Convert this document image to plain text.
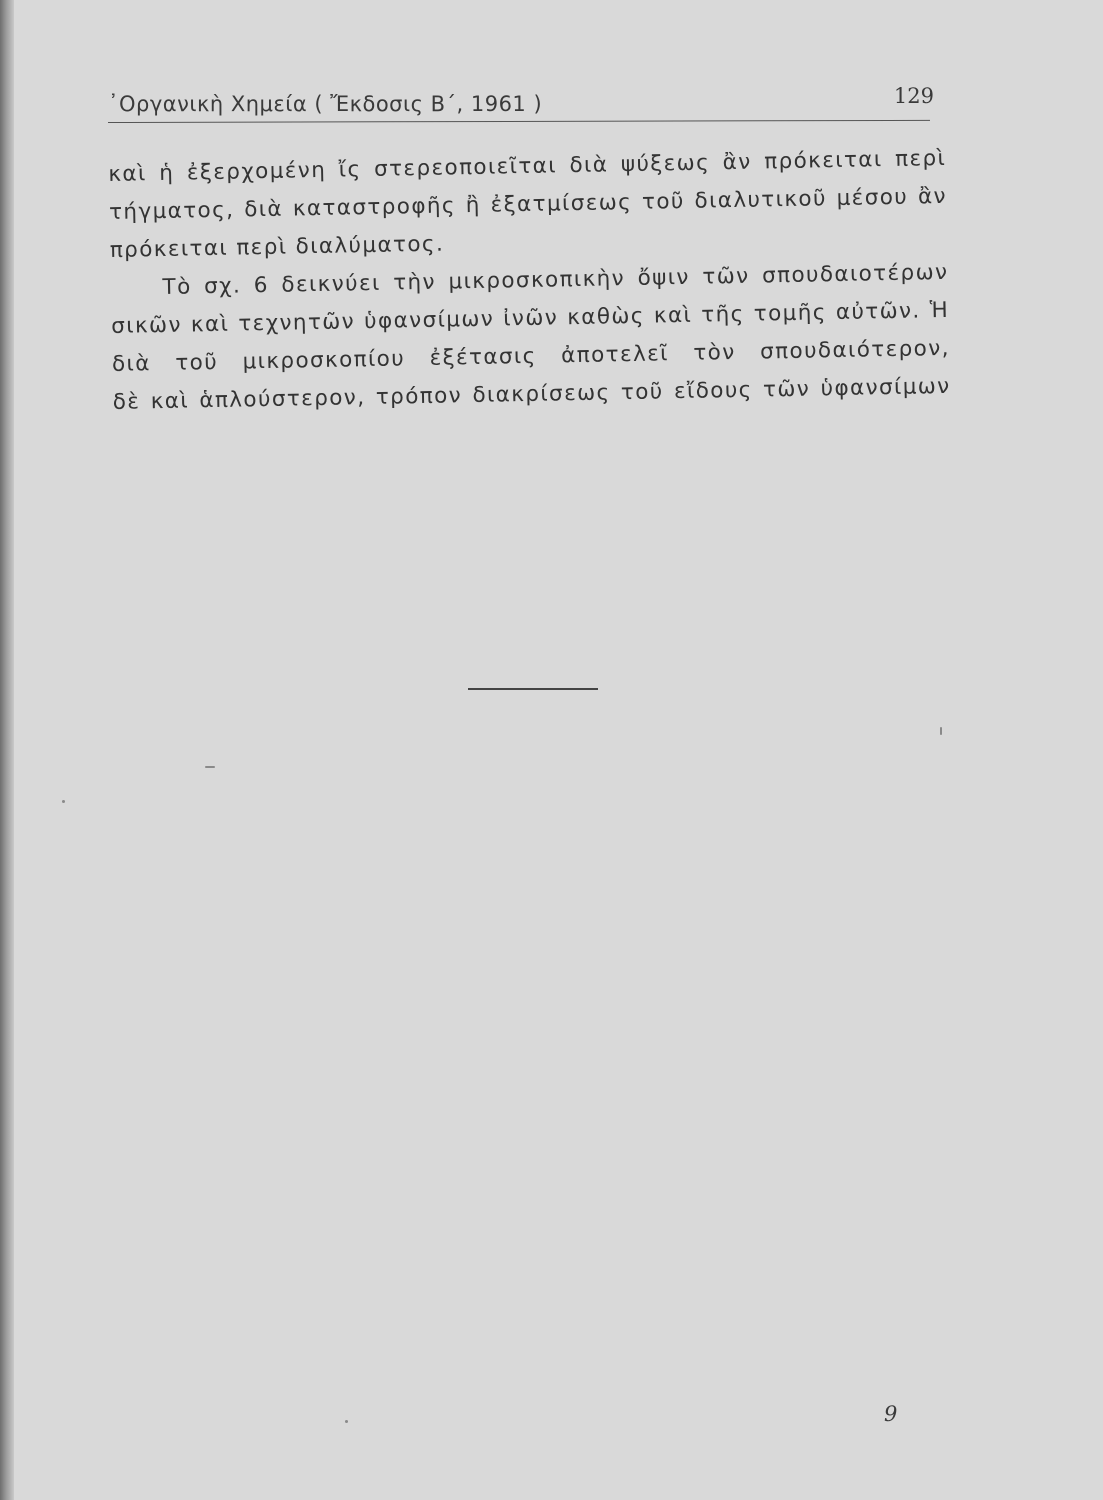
᾿Οργανικὴ Χημεία ( Ἔκδοσις Β΄, 1961 )	129
καὶ ἡ ἐξερχομένη ἴς στερεοποιεῖται διὰ ψύξεως ἂν πρόκειται περὶ
τήγματος, διὰ καταστροφῆς ἢ ἐξατμίσεως τοῦ διαλυτικοῦ μέσου ἂν
πρόκειται περὶ διαλύματος.
Τὸ σχ. 6 δεικνύει τὴν μικροσκοπικὴν ὄψιν τῶν σπουδαιοτέρων
σικῶν καὶ τεχνητῶν ὑφανσίμων ἰνῶν καθὼς καὶ τῆς τομῆς αὐτῶν. Ἡ
διὰ τοῦ μικροσκοπίου ἐξέτασις ἀποτελεῖ τὸν σπουδαιότερον,
δὲ καὶ ἁπλούστερον, τρόπον διακρίσεως τοῦ εἴδους τῶν ὑφανσίμων
9
